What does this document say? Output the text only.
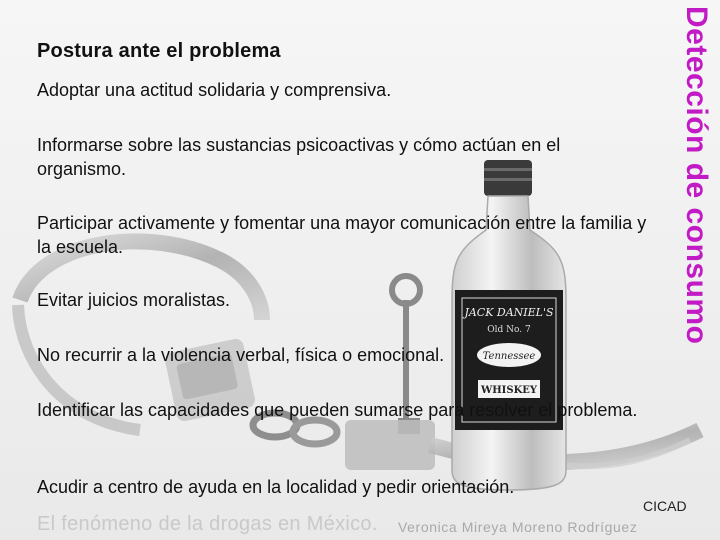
JACK DANIEL'S
Old No. 7
Tennessee
WHISKEY
Postura ante el problema	Detección de consumo
Adoptar una actitud solidaria y comprensiva.
Informarse sobre las sustancias psicoactivas y cómo actúan en el organismo.
Participar activamente y fomentar una mayor comunicación entre la familia y la escuela.
Evitar juicios moralistas.
No recurrir a la violencia verbal, física o emocional.
Identificar las capacidades que pueden sumarse para resolver el problema.
Acudir a centro de ayuda en la localidad y pedir orientación.
CICAD
El fenómeno de la drogas en México. Veronica Mireya Moreno Rodríguez
